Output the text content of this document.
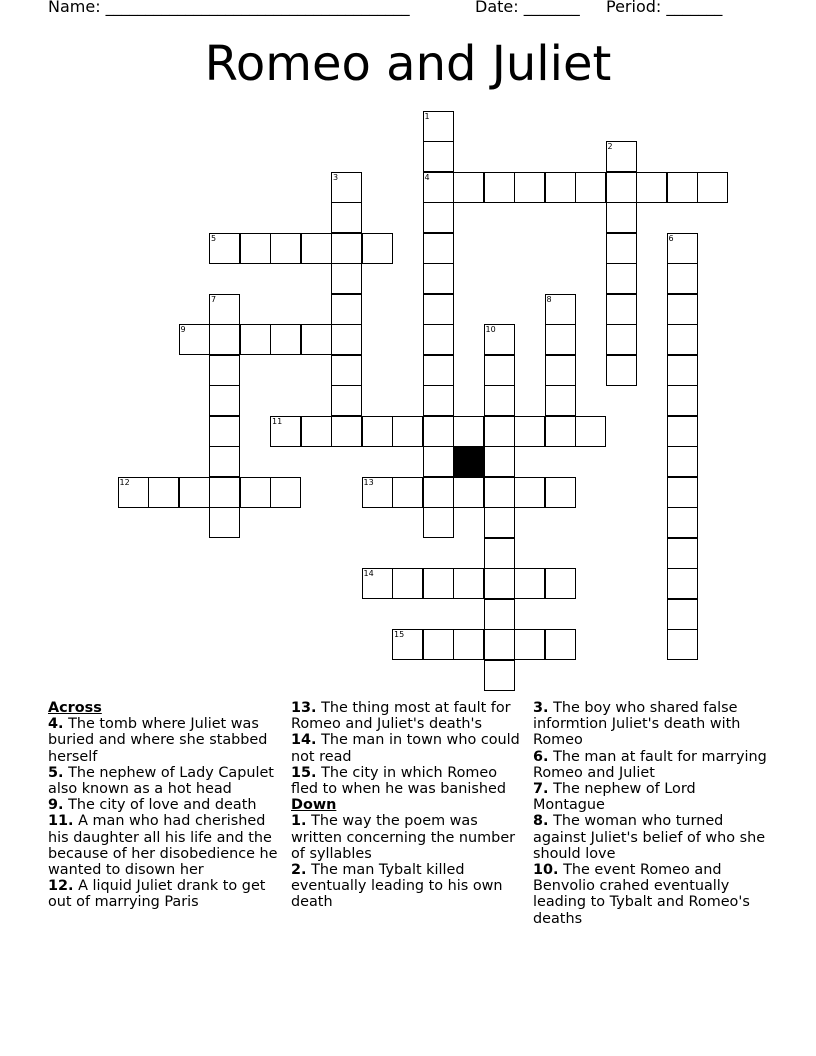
Name: ______________________________________	Date: _______ Period: _______
Romeo and Juliet
1
4
2
3
5	6
7	8
9	10
11
12	13
14
15

Across

4. The tomb where Juliet was buried and where she stabbed herself

5. The nephew of Lady Capulet also known as a hot head

9. The city of love and death

11. A man who had cherished his daughter all his life and the because of her disobedience he wanted to disown her

12. A liquid Juliet drank to get out of marrying Paris

13. The thing most at fault for Romeo and Juliet's death's

14. The man in town who could not read

15. The city in which Romeo fled to when he was banished

Down

1. The way the poem was written concerning the number of syllables

2. The man Tybalt killed eventually leading to his own death

3. The boy who shared false informtion Juliet's death with Romeo

6. The man at fault for marrying Romeo and Juliet

7. The nephew of Lord Montague

8. The woman who turned against Juliet's belief of who she should love

10. The event Romeo and Benvolio crahed eventually leading to Tybalt and Romeo's deaths
